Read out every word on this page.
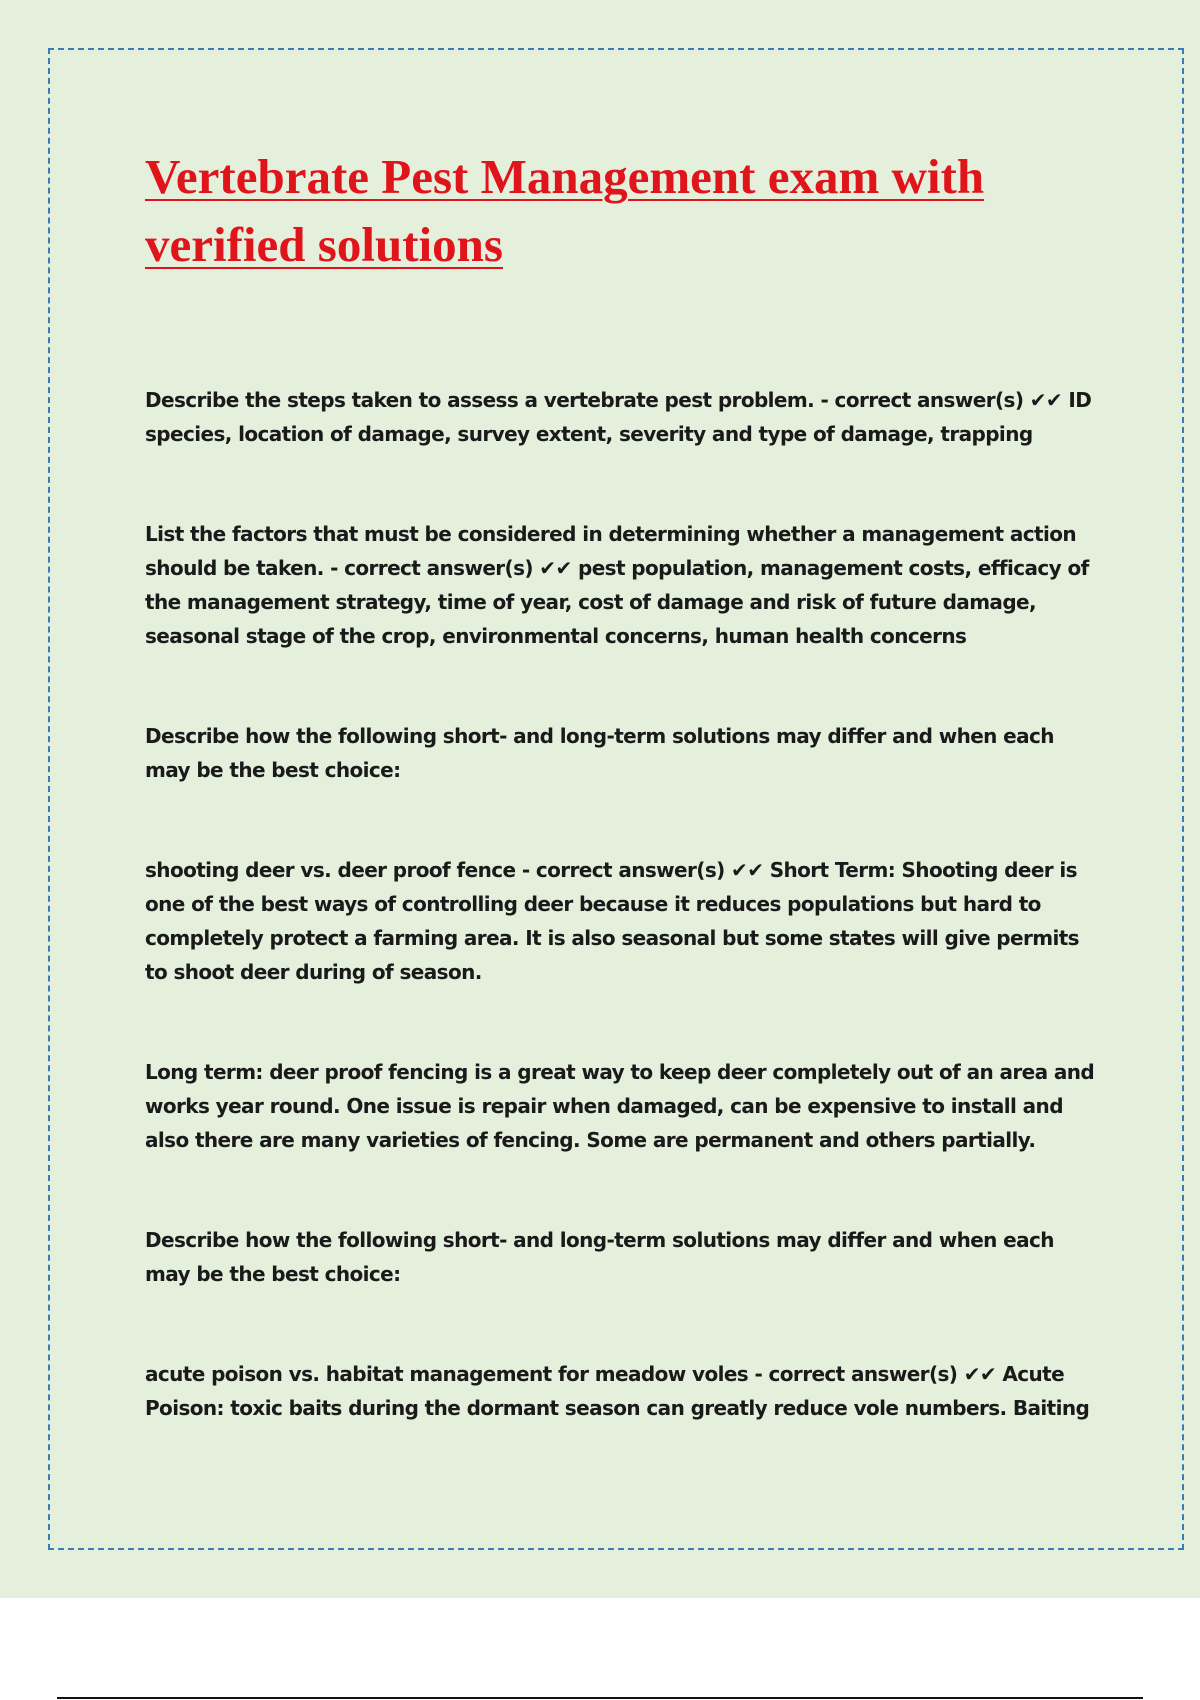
Vertebrate Pest Management exam with verified solutions

Describe the steps taken to assess a vertebrate pest problem. - correct answer(s) ✔✔ ID species, location of damage, survey extent, severity and type of damage, trapping

List the factors that must be considered in determining whether a management action should be taken. - correct answer(s) ✔✔ pest population, management costs, efficacy of the management strategy, time of year, cost of damage and risk of future damage, seasonal stage of the crop, environmental concerns, human health concerns

Describe how the following short- and long-term solutions may differ and when each may be the best choice:

shooting deer vs. deer proof fence - correct answer(s) ✔✔ Short Term: Shooting deer is one of the best ways of controlling deer because it reduces populations but hard to completely protect a farming area. It is also seasonal but some states will give permits to shoot deer during of season.

Long term: deer proof fencing is a great way to keep deer completely out of an area and works year round. One issue is repair when damaged, can be expensive to install and also there are many varieties of fencing. Some are permanent and others partially.

Describe how the following short- and long-term solutions may differ and when each may be the best choice:

acute poison vs. habitat management for meadow voles - correct answer(s) ✔✔ Acute Poison: toxic baits during the dormant season can greatly reduce vole numbers. Baiting
